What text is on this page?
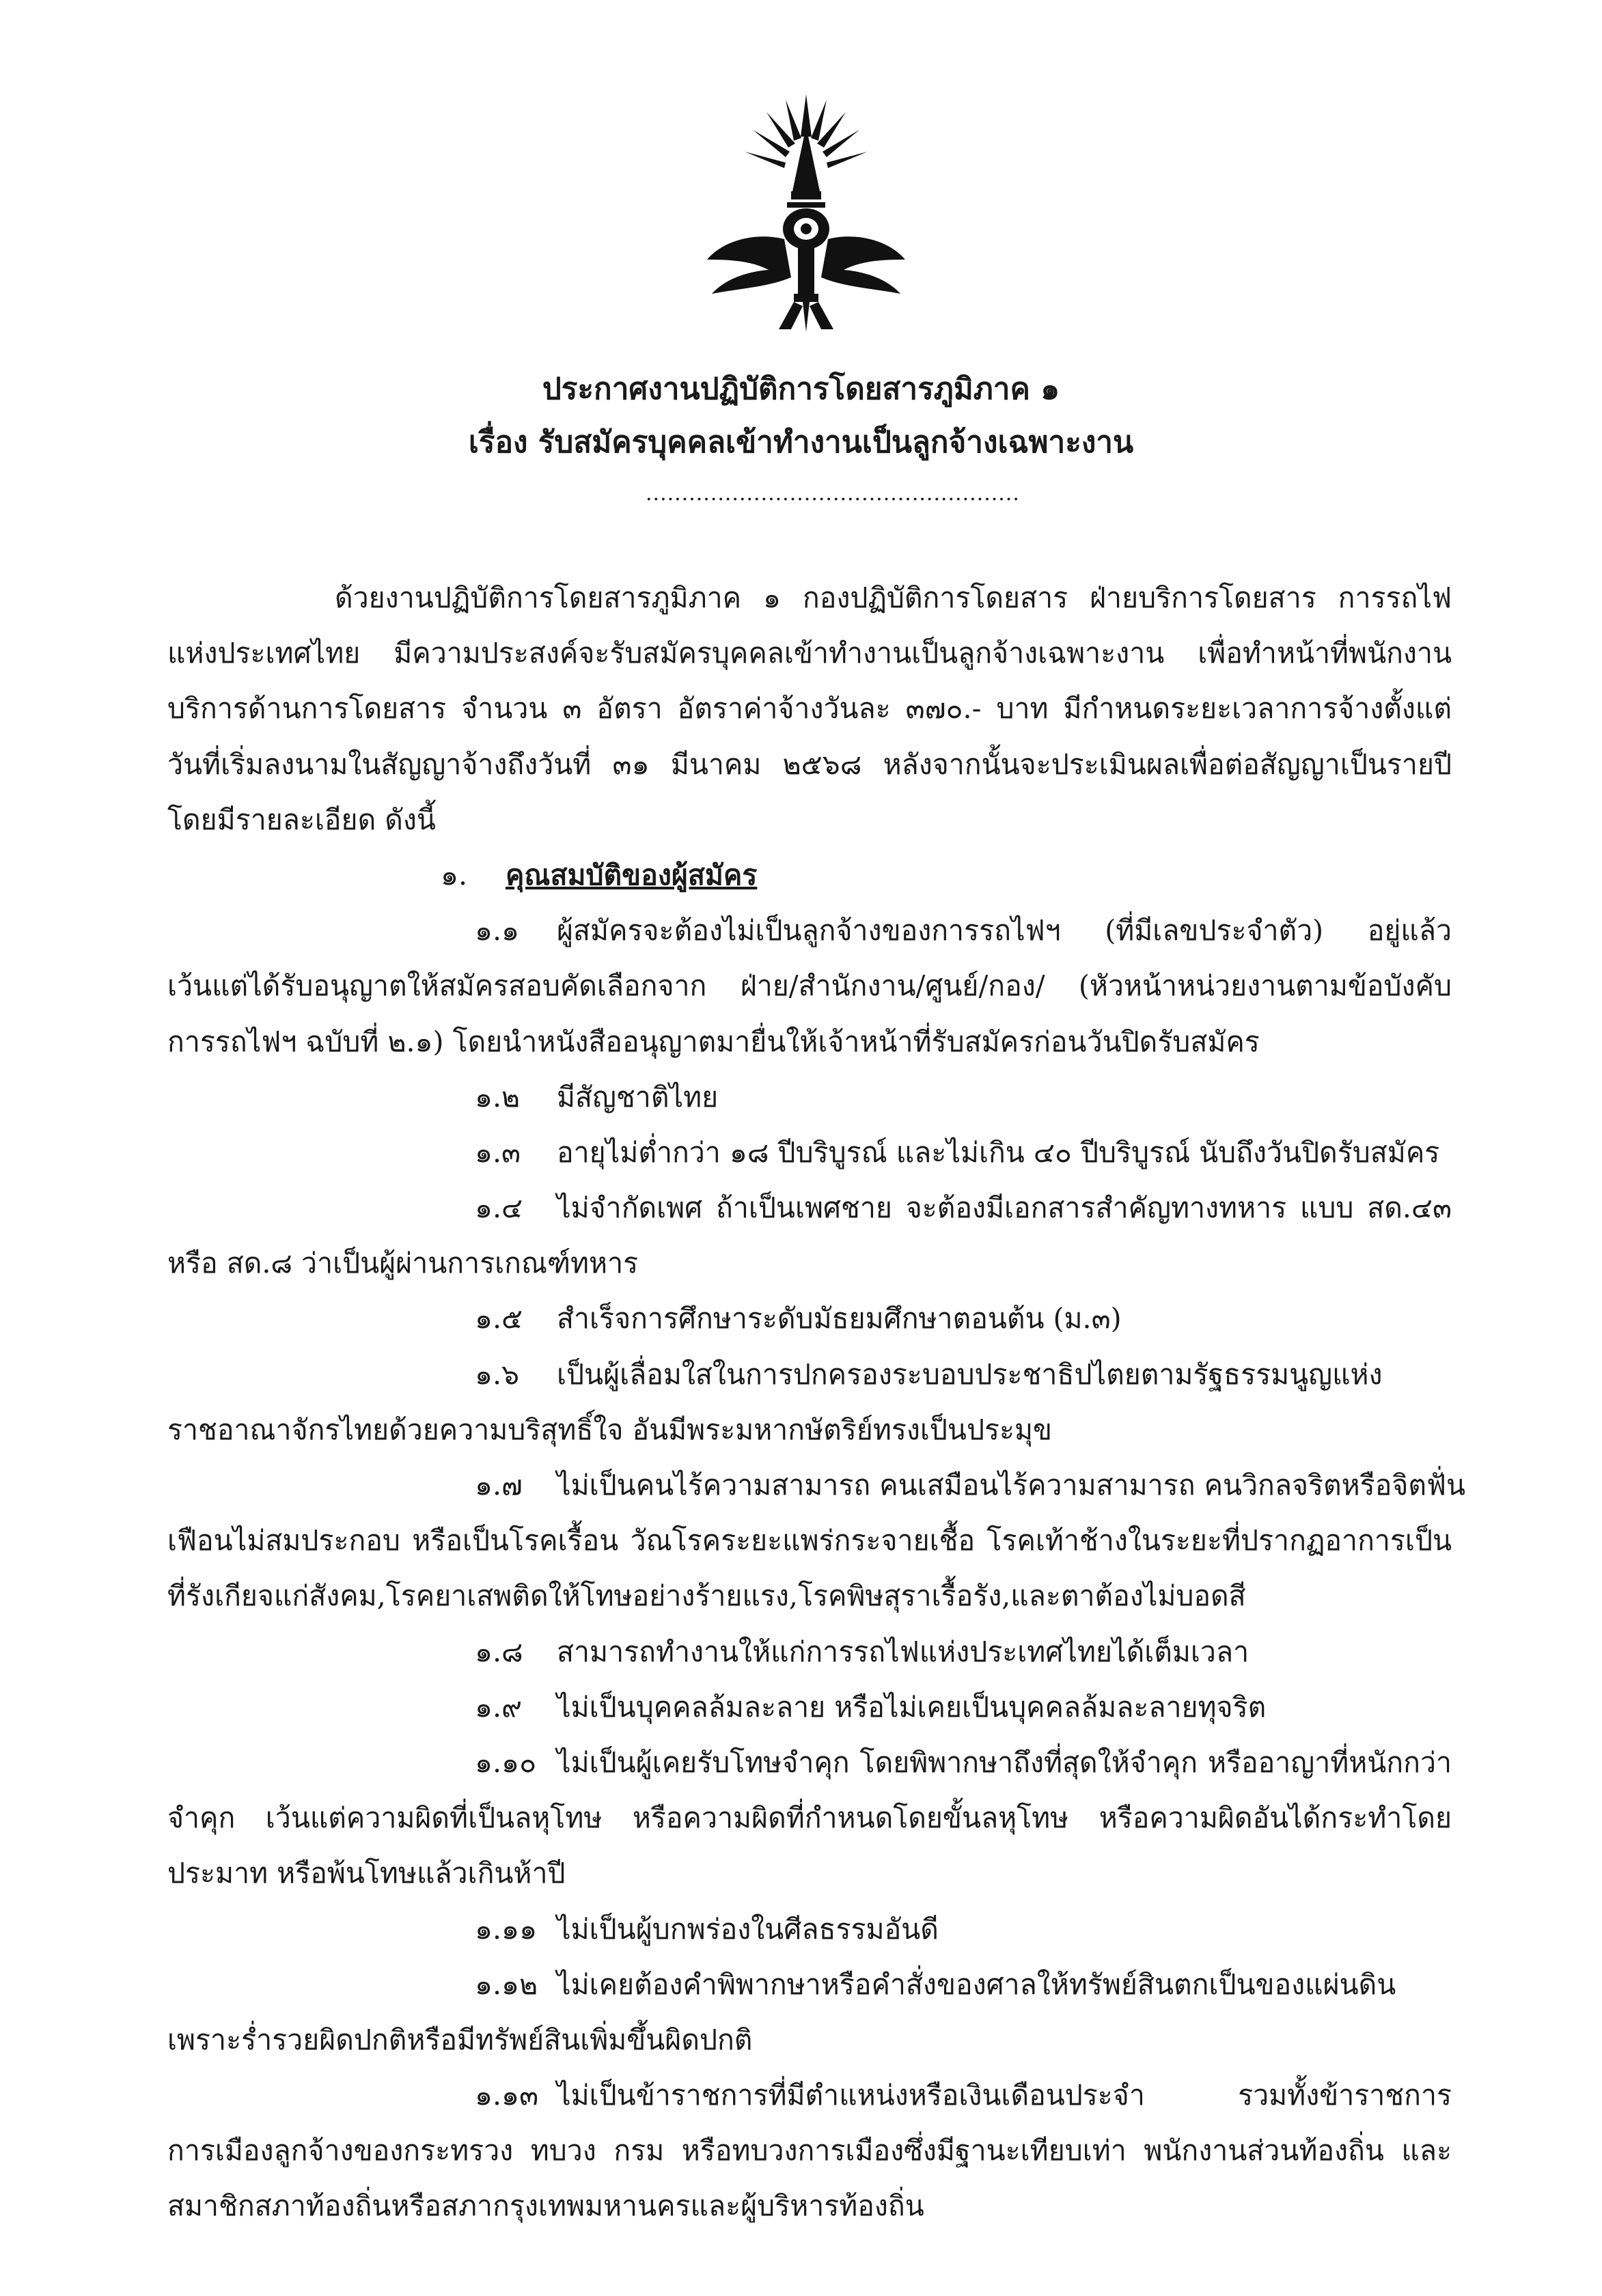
ประกาศงานปฏิบัติการโดยสารภูมิภาค ๑
เรื่อง รับสมัครบุคคลเข้าทำงานเป็นลูกจ้างเฉพาะงาน
....................................................
ด้วยงานปฏิบัติการโดยสารภูมิภาค ๑ กองปฏิบัติการโดยสาร ฝ่ายบริการโดยสาร การรถไฟ
แห่งประเทศไทย มีความประสงค์จะรับสมัครบุคคลเข้าทำงานเป็นลูกจ้างเฉพาะงาน เพื่อทำหน้าที่พนักงาน
บริการด้านการโดยสาร จำนวน ๓ อัตรา อัตราค่าจ้างวันละ ๓๗๐.- บาท มีกำหนดระยะเวลาการจ้างตั้งแต่
วันที่เริ่มลงนามในสัญญาจ้างถึงวันที่ ๓๑ มีนาคม ๒๕๖๘ หลังจากนั้นจะประเมินผลเพื่อต่อสัญญาเป็นรายปี
โดยมีรายละเอียด ดังนี้
๑. คุณสมบัติของผู้สมัคร
๑.๑ ผู้สมัครจะต้องไม่เป็นลูกจ้างของการรถไฟฯ (ที่มีเลขประจำตัว) อยู่แล้ว
เว้นแต่ได้รับอนุญาตให้สมัครสอบคัดเลือกจาก ฝ่าย/สำนักงาน/ศูนย์/กอง/ (หัวหน้าหน่วยงานตามข้อบังคับ
การรถไฟฯ ฉบับที่ ๒.๑) โดยนำหนังสืออนุญาตมายื่นให้เจ้าหน้าที่รับสมัครก่อนวันปิดรับสมัคร
๑.๒ มีสัญชาติไทย
๑.๓ อายุไม่ต่ำกว่า ๑๘ ปีบริบูรณ์ และไม่เกิน ๔๐ ปีบริบูรณ์ นับถึงวันปิดรับสมัคร
๑.๔ ไม่จำกัดเพศ ถ้าเป็นเพศชาย จะต้องมีเอกสารสำคัญทางทหาร แบบ สด.๔๓
หรือ สด.๘ ว่าเป็นผู้ผ่านการเกณฑ์ทหาร
๑.๕ สำเร็จการศึกษาระดับมัธยมศึกษาตอนต้น (ม.๓)
๑.๖ เป็นผู้เลื่อมใสในการปกครองระบอบประชาธิปไตยตามรัฐธรรมนูญแห่ง
ราชอาณาจักรไทยด้วยความบริสุทธิ์ใจ อันมีพระมหากษัตริย์ทรงเป็นประมุข
๑.๗ ไม่เป็นคนไร้ความสามารถ คนเสมือนไร้ความสามารถ คนวิกลจริตหรือจิตฟั่น
เฟือนไม่สมประกอบ หรือเป็นโรคเรื้อน วัณโรคระยะแพร่กระจายเชื้อ โรคเท้าช้างในระยะที่ปรากฏอาการเป็น
ที่รังเกียจแก่สังคม,โรคยาเสพติดให้โทษอย่างร้ายแรง,โรคพิษสุราเรื้อรัง,และตาต้องไม่บอดสี
๑.๘ สามารถทำงานให้แก่การรถไฟแห่งประเทศไทยได้เต็มเวลา
๑.๙ ไม่เป็นบุคคลล้มละลาย หรือไม่เคยเป็นบุคคลล้มละลายทุจริต
๑.๑๐ ไม่เป็นผู้เคยรับโทษจำคุก โดยพิพากษาถึงที่สุดให้จำคุก หรืออาญาที่หนักกว่า
จำคุก เว้นแต่ความผิดที่เป็นลหุโทษ หรือความผิดที่กำหนดโดยขั้นลหุโทษ หรือความผิดอันได้กระทำโดย
ประมาท หรือพ้นโทษแล้วเกินห้าปี
๑.๑๑ ไม่เป็นผู้บกพร่องในศีลธรรมอันดี
๑.๑๒ ไม่เคยต้องคำพิพากษาหรือคำสั่งของศาลให้ทรัพย์สินตกเป็นของแผ่นดิน
เพราะร่ำรวยผิดปกติหรือมีทรัพย์สินเพิ่มขึ้นผิดปกติ
๑.๑๓ ไม่เป็นข้าราชการที่มีตำแหน่งหรือเงินเดือนประจำ รวมทั้งข้าราชการ
การเมืองลูกจ้างของกระทรวง ทบวง กรม หรือทบวงการเมืองซึ่งมีฐานะเทียบเท่า พนักงานส่วนท้องถิ่น และ
สมาชิกสภาท้องถิ่นหรือสภากรุงเทพมหานครและผู้บริหารท้องถิ่น
